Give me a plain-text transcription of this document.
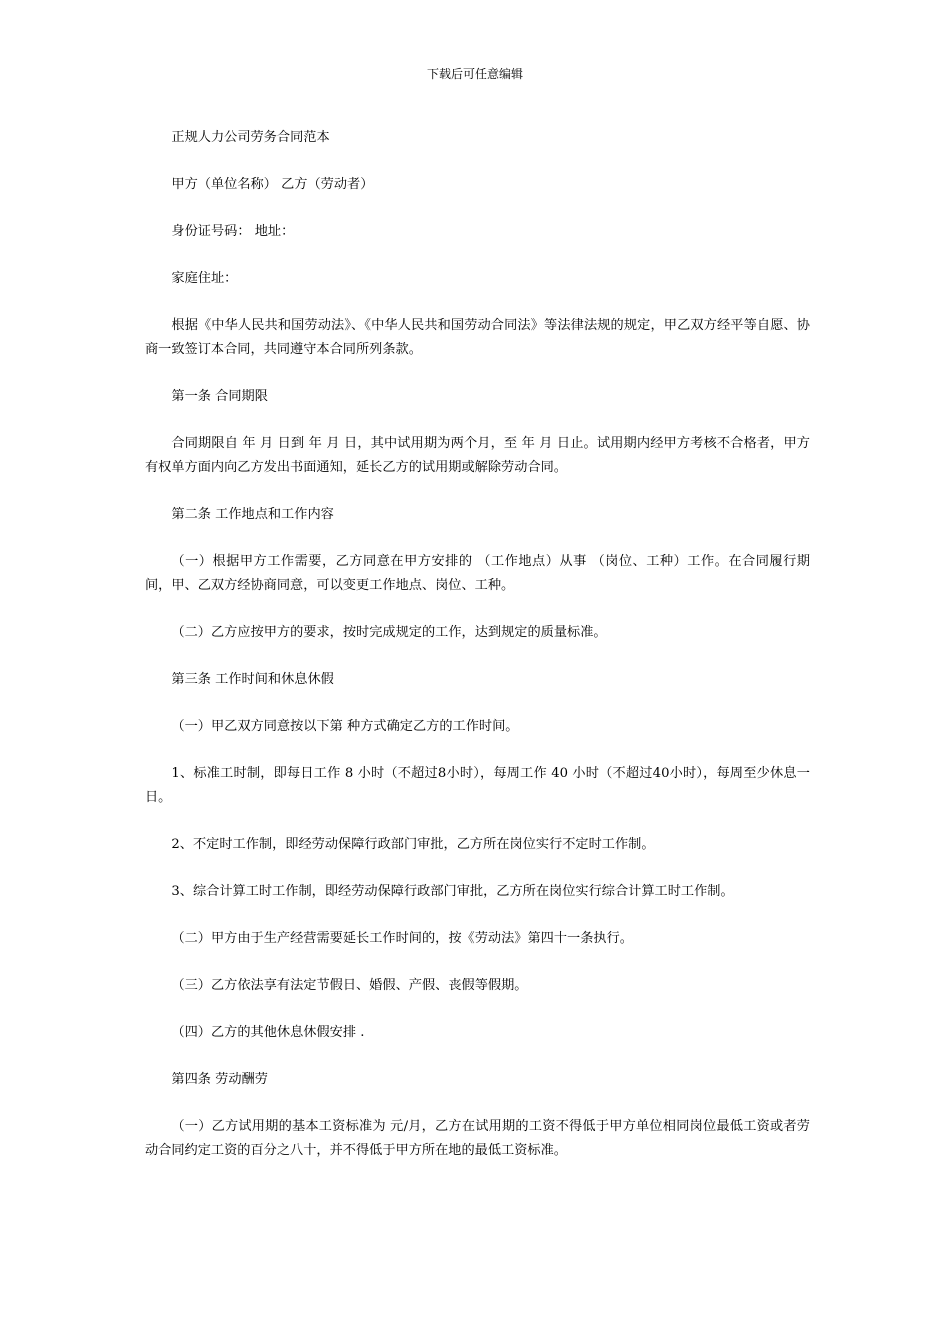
下载后可任意编辑

正规人力公司劳务合同范本

甲方（单位名称） 乙方（劳动者）

身份证号码： 地址：

家庭住址：

根据《中华人民共和国劳动法》、《中华人民共和国劳动合同法》等法律法规的规定，甲乙双方经平等自愿、协商一致签订本合同，共同遵守本合同所列条款。

第一条 合同期限

合同期限自 年 月 日到 年 月 日，其中试用期为两个月，至 年 月 日止。试用期内经甲方考核不合格者，甲方有权单方面内向乙方发出书面通知，延长乙方的试用期或解除劳动合同。

第二条 工作地点和工作内容

（一）根据甲方工作需要，乙方同意在甲方安排的 （工作地点）从事 （岗位、工种）工作。在合同履行期间，甲、乙双方经协商同意，可以变更工作地点、岗位、工种。

（二）乙方应按甲方的要求，按时完成规定的工作，达到规定的质量标准。

第三条 工作时间和休息休假

（一）甲乙双方同意按以下第 种方式确定乙方的工作时间。

1、标准工时制，即每日工作 8 小时（不超过8小时），每周工作 40 小时（不超过40小时），每周至少休息一日。

2、不定时工作制，即经劳动保障行政部门审批，乙方所在岗位实行不定时工作制。

3、综合计算工时工作制，即经劳动保障行政部门审批，乙方所在岗位实行综合计算工时工作制。

（二）甲方由于生产经营需要延长工作时间的，按《劳动法》第四十一条执行。

（三）乙方依法享有法定节假日、婚假、产假、丧假等假期。

（四）乙方的其他休息休假安排 .

第四条 劳动酬劳

（一）乙方试用期的基本工资标准为 元/月，乙方在试用期的工资不得低于甲方单位相同岗位最低工资或者劳动合同约定工资的百分之八十，并不得低于甲方所在地的最低工资标准。
